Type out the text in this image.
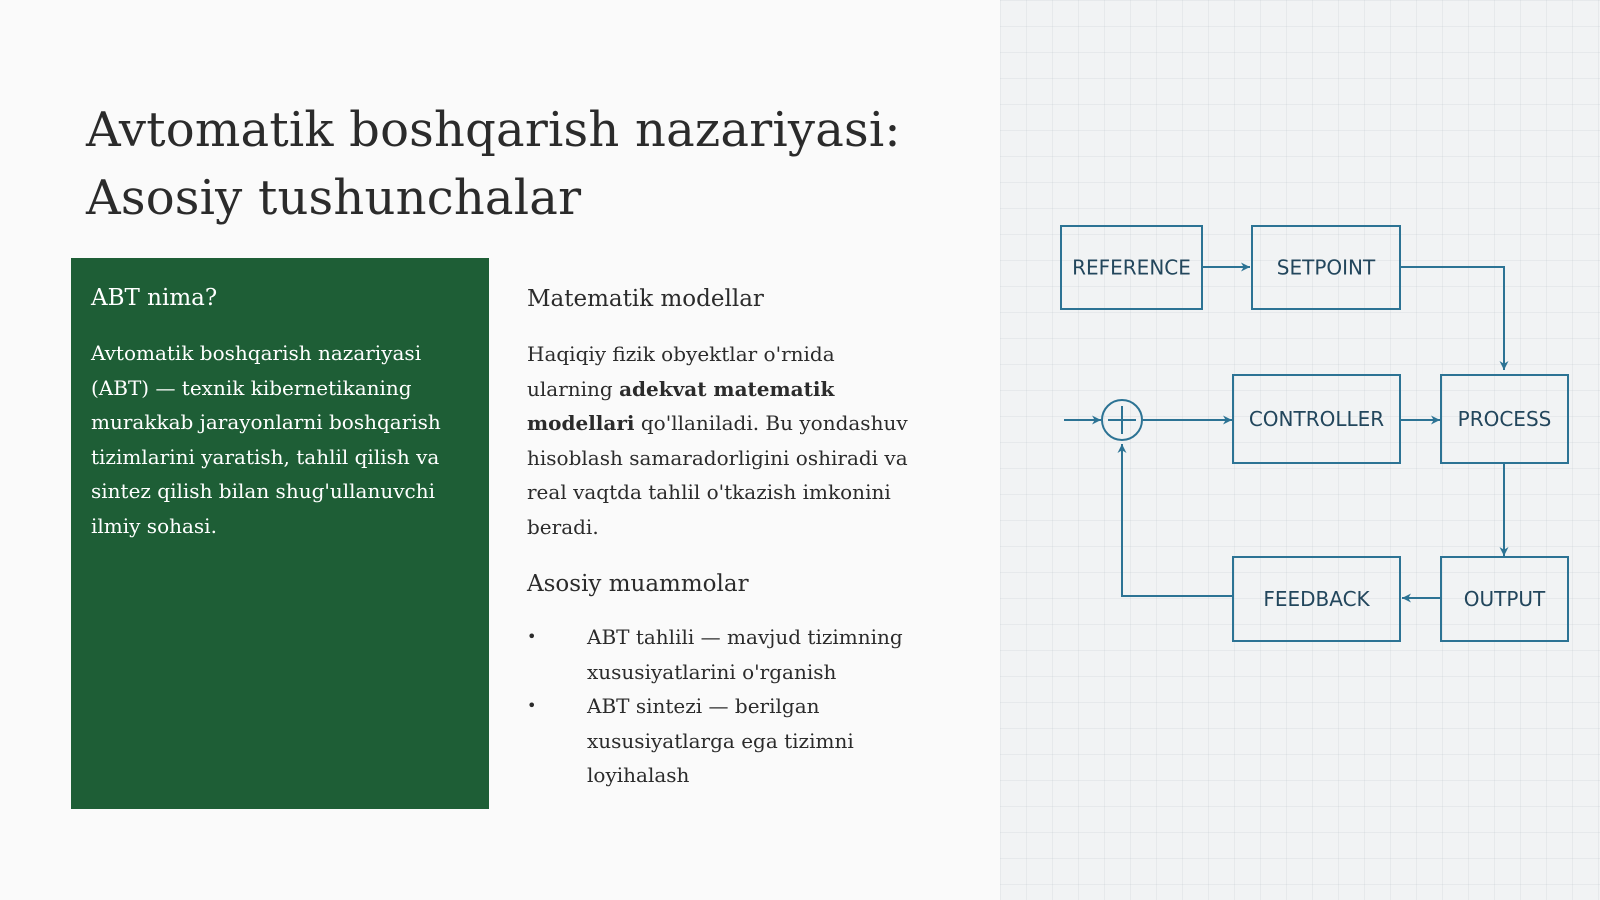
Avtomatik boshqarish nazariyasi:
Asosiy tushunchalar
ABT nima?

Avtomatik boshqarish nazariyasi (ABT) — texnik kibernetikaning murakkab jarayonlarni boshqarish tizimlarini yaratish, tahlil qilish va sintez qilish bilan shug'ullanuvchi ilmiy sohasi.

Matematik modellar

Haqiqiy fizik obyektlar o'rnida ularning adekvat matematik modellari qo'llaniladi. Bu yondashuv hisoblash samaradorligini oshiradi va real vaqtda tahlil o'tkazish imkonini beradi.

Asosiy muammolar
•	ABT tahlili — mavjud tizimning xususiyatlarini o'rganish
•	ABT sintezi — berilgan xususiyatlarga ega tizimni loyihalash
REFERENCE	SETPOINT
CONTROLLER	PROCESS
FEEDBACK	OUTPUT
